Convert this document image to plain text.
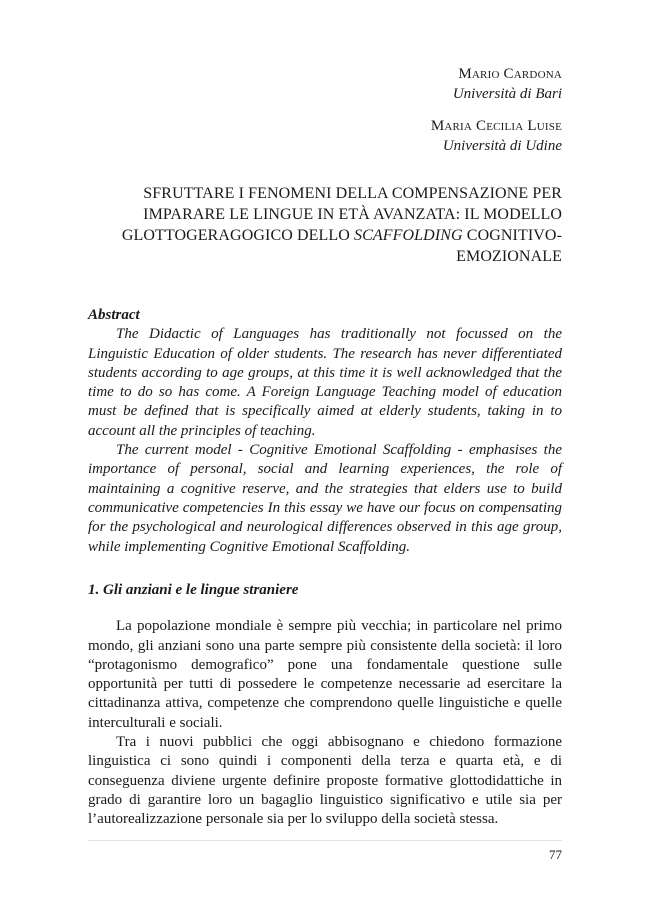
Mario Cardona
Università di Bari
Maria Cecilia Luise
Università di Udine
SFRUTTARE I FENOMENI DELLA COMPENSAZIONE PER IMPARARE LE LINGUE IN ETÀ AVANZATA: IL MODELLO GLOTTOGERAGOGICO DELLO SCAFFOLDING COGNITIVO-EMOZIONALE
Abstract

The Didactic of Languages has traditionally not focussed on the Linguistic Education of older students. The research has never differentiated students according to age groups, at this time it is well acknowledged that the time to do so has come. A Foreign Language Teaching model of education must be defined that is specifically aimed at elderly students, taking in to account all the principles of teaching.

The current model - Cognitive Emotional Scaffolding - emphasises the importance of personal, social and learning experiences, the role of maintaining a cognitive reserve, and the strategies that elders use to build communicative competencies In this essay we have our focus on compensating for the psychological and neurological differences observed in this age group, while implementing Cognitive Emotional Scaffolding.

1. Gli anziani e le lingue straniere

La popolazione mondiale è sempre più vecchia; in particolare nel primo mondo, gli anziani sono una parte sempre più consistente della società: il loro “protagonismo demografico” pone una fondamentale questione sulle opportunità per tutti di possedere le competenze necessarie ad esercitare la cittadinanza attiva, competenze che comprendono quelle linguistiche e quelle interculturali e sociali.

Tra i nuovi pubblici che oggi abbisognano e chiedono formazione linguistica ci sono quindi i componenti della terza e quarta età, e di conseguenza diviene urgente definire proposte formative glottodidattiche in grado di garantire loro un bagaglio linguistico significativo e utile sia per l’autorealizzazione personale sia per lo sviluppo della società stessa.

77
